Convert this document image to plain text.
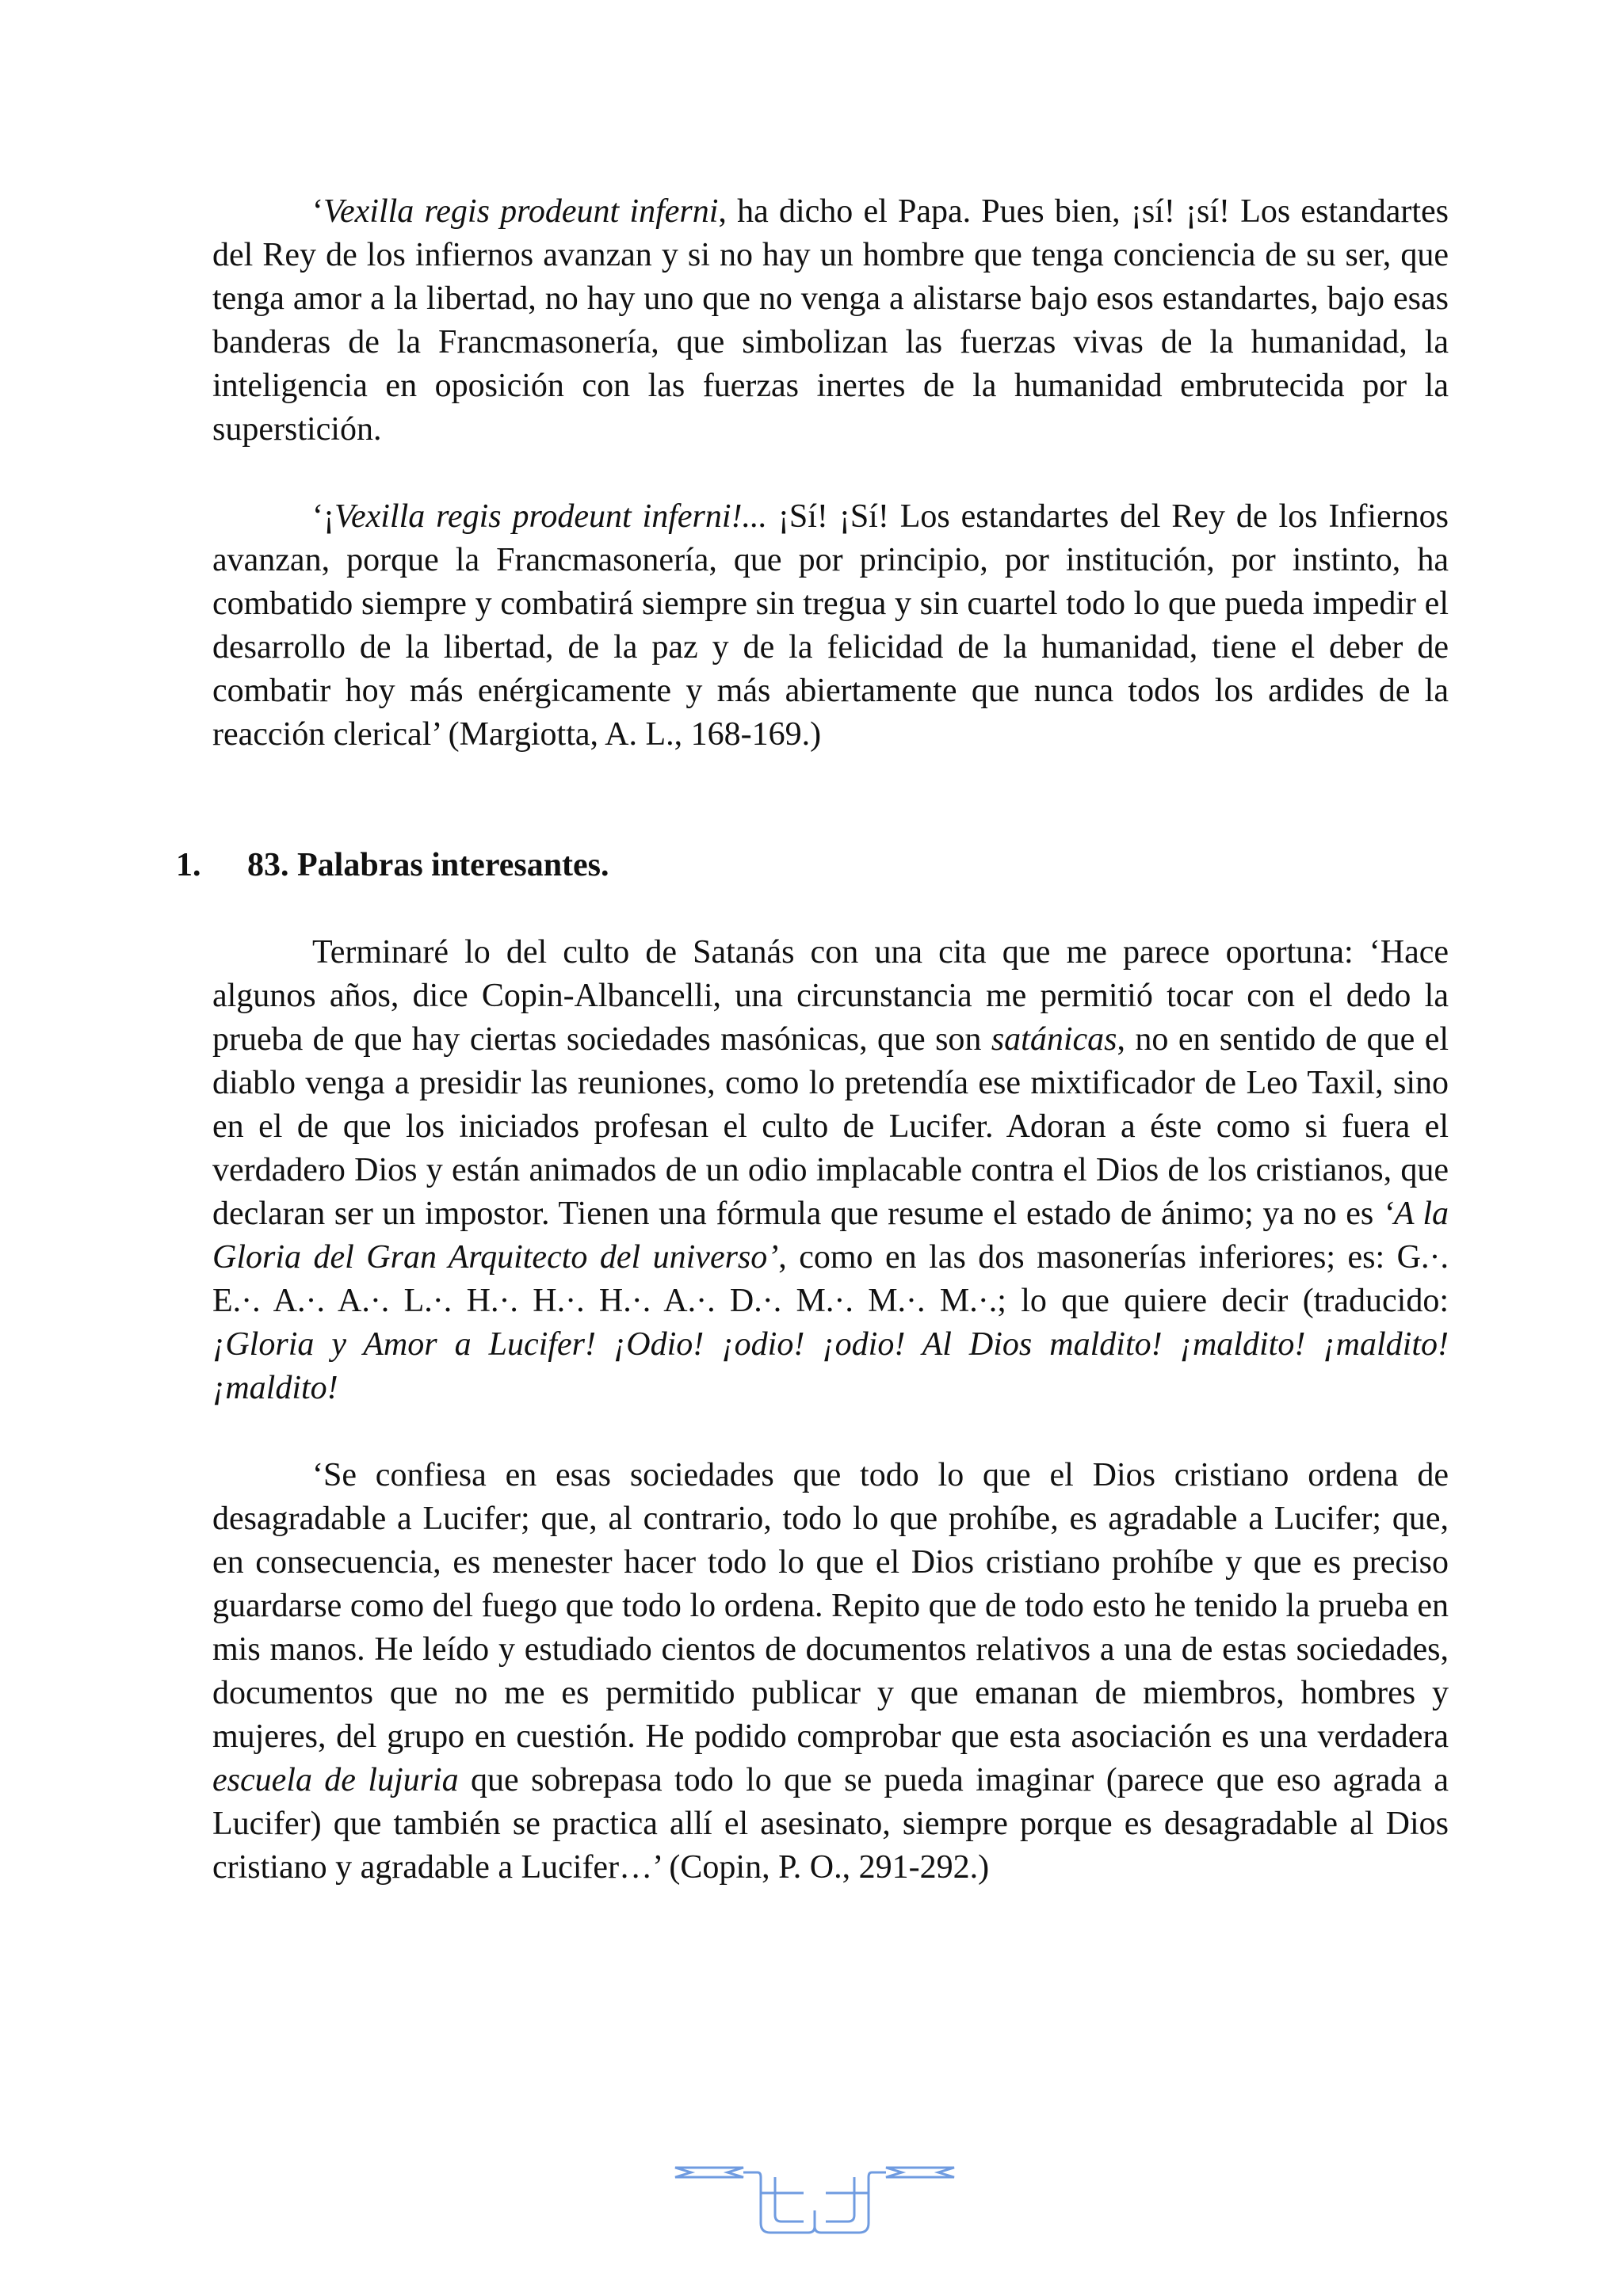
‘Vexilla regis prodeunt inferni, ha dicho el Papa. Pues bien, ¡sí! ¡sí! Los estandartes del Rey de los infiernos avanzan y si no hay un hombre que tenga conciencia de su ser, que tenga amor a la libertad, no hay uno que no venga a alistarse bajo esos estandartes, bajo esas banderas de la Francmasonería, que simbolizan las fuerzas vivas de la humanidad, la inteligencia en oposición con las fuerzas inertes de la humanidad embrutecida por la superstición.

‘¡Vexilla regis prodeunt inferni!... ¡Sí! ¡Sí! Los estandartes del Rey de los Infiernos avanzan, porque la Francmasonería, que por principio, por institución, por instinto, ha combatido siempre y combatirá siempre sin tregua y sin cuartel todo lo que pueda impedir el desarrollo de la libertad, de la paz y de la felicidad de la humanidad, tiene el deber de combatir hoy más enérgicamente y más abiertamente que nunca todos los ardides de la reacción clerical’ (Margiotta, A. L., 168-169.)

1. 83. Palabras interesantes.

Terminaré lo del culto de Satanás con una cita que me parece oportuna: ‘Hace algunos años, dice Copin-Albancelli, una circunstancia me permitió tocar con el dedo la prueba de que hay ciertas sociedades masónicas, que son satánicas, no en sentido de que el diablo venga a presidir las reuniones, como lo pretendía ese mixtificador de Leo Taxil, sino en el de que los iniciados profesan el culto de Lucifer. Adoran a éste como si fuera el verdadero Dios y están animados de un odio implacable contra el Dios de los cristianos, que declaran ser un impostor. Tienen una fórmula que resume el estado de ánimo; ya no es ‘A la Gloria del Gran Arquitecto del universo’, como en las dos masonerías inferiores; es: G.·. E.·. A.·. A.·. L.·. H.·. H.·. H.·. A.·. D.·. M.·. M.·. M.·.; lo que quiere decir (traducido: ¡Gloria y Amor a Lucifer! ¡Odio! ¡odio! ¡odio! Al Dios maldito! ¡maldito! ¡maldito! ¡maldito!

‘Se confiesa en esas sociedades que todo lo que el Dios cristiano ordena de desagradable a Lucifer; que, al contrario, todo lo que prohíbe, es agradable a Lucifer; que, en consecuencia, es menester hacer todo lo que el Dios cristiano prohíbe y que es preciso guardarse como del fuego que todo lo ordena. Repito que de todo esto he tenido la prueba en mis manos. He leído y estudiado cientos de documentos relativos a una de estas sociedades, documentos que no me es permitido publicar y que emanan de miembros, hombres y mujeres, del grupo en cuestión. He podido comprobar que esta asociación es una verdadera escuela de lujuria que sobrepasa todo lo que se pueda imaginar (parece que eso agrada a Lucifer) que también se practica allí el asesinato, siempre porque es desagradable al Dios cristiano y agradable a Lucifer…’ (Copin, P. O., 291-292.)
